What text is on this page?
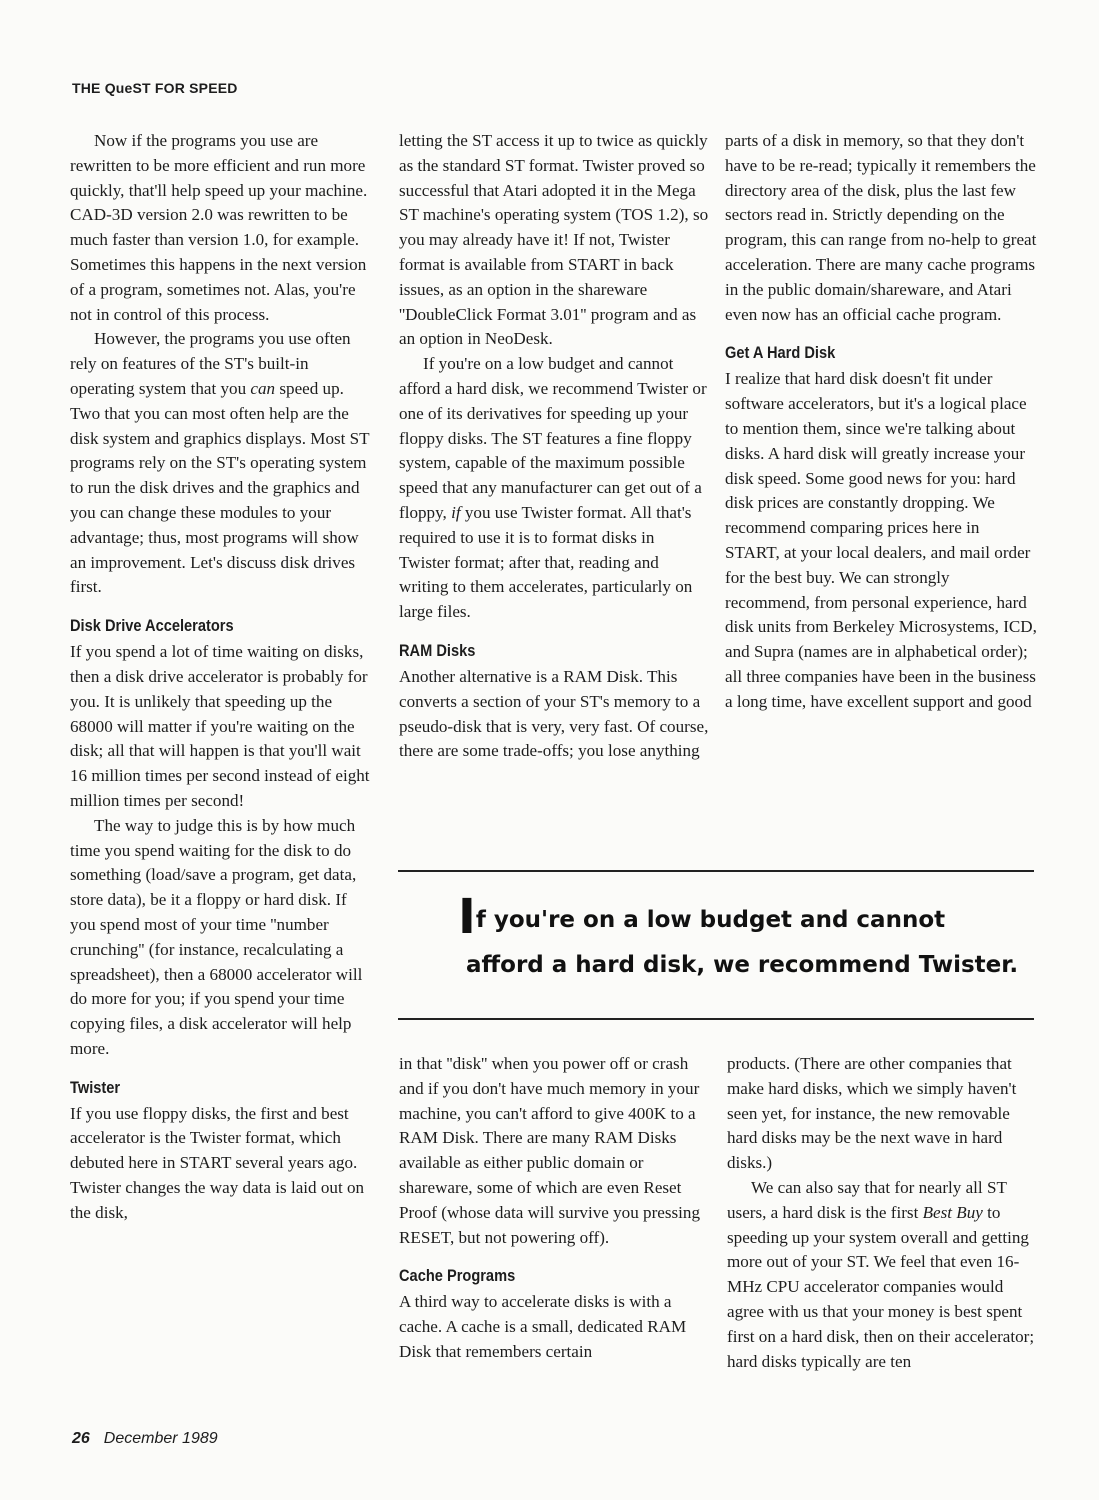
THE QueST FOR SPEED

Now if the programs you use are rewritten to be more efficient and run more quickly, that'll help speed up your machine. CAD-3D version 2.0 was rewritten to be much faster than version 1.0, for example. Sometimes this happens in the next version of a program, sometimes not. Alas, you're not in control of this process.

However, the programs you use often rely on features of the ST's built-in operating system that you can speed up. Two that you can most often help are the disk system and graphics displays. Most ST programs rely on the ST's operating system to run the disk drives and the graphics and you can change these modules to your advantage; thus, most programs will show an improvement. Let's discuss disk drives first.

Disk Drive Accelerators

If you spend a lot of time waiting on disks, then a disk drive accelerator is probably for you. It is unlikely that speeding up the 68000 will matter if you're waiting on the disk; all that will happen is that you'll wait 16 million times per second instead of eight million times per second!

The way to judge this is by how much time you spend waiting for the disk to do something (load/save a program, get data, store data), be it a floppy or hard disk. If you spend most of your time ''number crunching'' (for instance, recalculating a spreadsheet), then a 68000 accelerator will do more for you; if you spend your time copying files, a disk accelerator will help more.

Twister

If you use floppy disks, the first and best accelerator is the Twister format, which debuted here in START several years ago. Twister changes the way data is laid out on the disk,

letting the ST access it up to twice as quickly as the standard ST format. Twister proved so successful that Atari adopted it in the Mega ST machine's operating system (TOS 1.2), so you may already have it! If not, Twister format is available from START in back issues, as an option in the shareware ''DoubleClick Format 3.01'' program and as an option in NeoDesk.

If you're on a low budget and cannot afford a hard disk, we recommend Twister or one of its derivatives for speeding up your floppy disks. The ST features a fine floppy system, capable of the maximum possible speed that any manufacturer can get out of a floppy, if you use Twister format. All that's required to use it is to format disks in Twister format; after that, reading and writing to them accelerates, particularly on large files.

RAM Disks

Another alternative is a RAM Disk. This converts a section of your ST's memory to a pseudo-disk that is very, very fast. Of course, there are some trade-offs; you lose anything

parts of a disk in memory, so that they don't have to be re-read; typically it remembers the directory area of the disk, plus the last few sectors read in. Strictly depending on the program, this can range from no-help to great acceleration. There are many cache programs in the public domain/shareware, and Atari even now has an official cache program.

Get A Hard Disk

I realize that hard disk doesn't fit under software accelerators, but it's a logical place to mention them, since we're talking about disks. A hard disk will greatly increase your disk speed. Some good news for you: hard disk prices are constantly dropping. We recommend comparing prices here in START, at your local dealers, and mail order for the best buy. We can strongly recommend, from personal experience, hard disk units from Berkeley Microsystems, ICD, and Supra (names are in alphabetical order); all three companies have been in the business a long time, have excellent support and good

If you're on a low budget and cannot
afford a hard disk, we recommend Twister.

in that ''disk'' when you power off or crash and if you don't have much memory in your machine, you can't afford to give 400K to a RAM Disk. There are many RAM Disks available as either public domain or shareware, some of which are even Reset Proof (whose data will survive you pressing RESET, but not powering off).

Cache Programs

A third way to accelerate disks is with a cache. A cache is a small, dedicated RAM Disk that remembers certain

products. (There are other companies that make hard disks, which we simply haven't seen yet, for instance, the new removable hard disks may be the next wave in hard disks.)

We can also say that for nearly all ST users, a hard disk is the first Best Buy to speeding up your system overall and getting more out of your ST. We feel that even 16-MHz CPU accelerator companies would agree with us that your money is best spent first on a hard disk, then on their accelerator; hard disks typically are ten

26 December 1989
